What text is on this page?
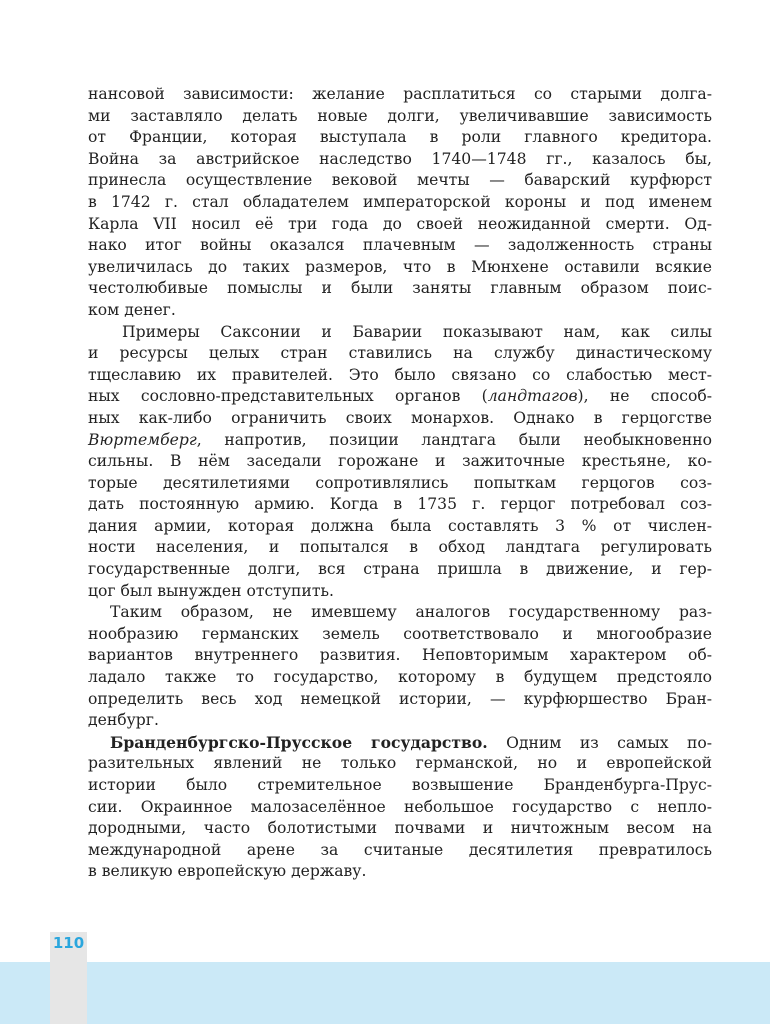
110
нансовой зависимости: желание расплатиться со старыми долга-
ми заставляло делать новые долги, увеличивавшие зависимость
от Франции, которая выступала в роли главного кредитора.
Война за австрийское наследство 1740—1748 гг., казалось бы,
принесла осуществление вековой мечты — баварский курфюрст
в 1742 г. стал обладателем императорской короны и под именем
Карла VII носил её три года до своей неожиданной смерти. Од-
нако итог войны оказался плачевным — задолженность страны
увеличилась до таких размеров, что в Мюнхене оставили всякие
честолюбивые помыслы и были заняты главным образом поис-
ком денег.
Примеры Саксонии и Баварии показывают нам, как силы
и ресурсы целых стран ставились на службу династическому
тщеславию их правителей. Это было связано со слабостью мест-
ных сословно-представительных органов (ландтагов), не способ-
ных как-либо ограничить своих монархов. Однако в герцогстве
Вюртемберг, напротив, позиции ландтага были необыкновенно
сильны. В нём заседали горожане и зажиточные крестьяне, ко-
торые десятилетиями сопротивлялись попыткам герцогов соз-
дать постоянную армию. Когда в 1735 г. герцог потребовал соз-
дания армии, которая должна была составлять 3 % от числен-
ности населения, и попытался в обход ландтага регулировать
государственные долги, вся страна пришла в движение, и гер-
цог был вынужден отступить.
Таким образом, не имевшему аналогов государственному раз-
нообразию германских земель соответствовало и многообразие
вариантов внутреннего развития. Неповторимым характером об-
ладало также то государство, которому в будущем предстояло
определить весь ход немецкой истории, — курфюршество Бран-
денбург.
Бранденбургско-Прусское государство. Одним из самых по-
разительных явлений не только германской, но и европейской
истории было стремительное возвышение Бранденбурга-Прус-
сии. Окраинное малозаселённое небольшое государство с непло-
дородными, часто болотистыми почвами и ничтожным весом на
международной арене за считаные десятилетия превратилось
в великую европейскую державу.
